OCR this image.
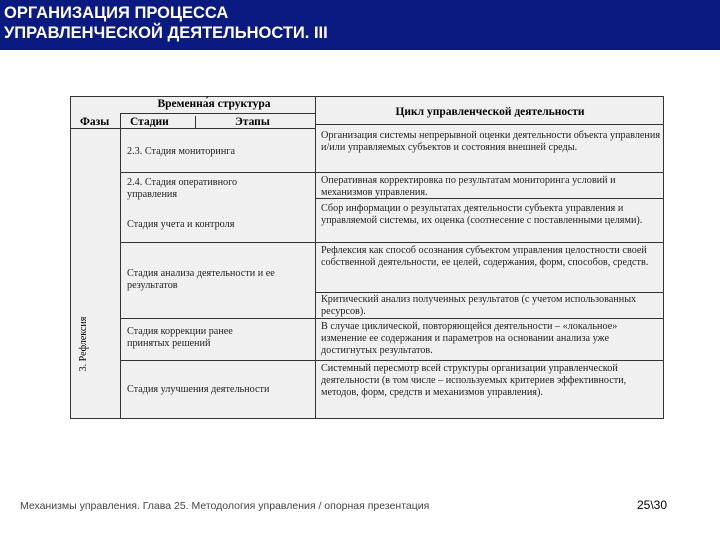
ОРГАНИЗАЦИЯ ПРОЦЕССА
УПРАВЛЕНЧЕСКОЙ ДЕЯТЕЛЬНОСТИ. III
Временна́я структура
Фазы Стадии	Этапы
Цикл управленческой деятельности
3. Рефлексия

2.3. Стадия мониторинга

2.4. Стадия оперативного управления

Стадия учета и контроля

Стадия анализа деятельности и ее результатов

Стадия коррекции ранее принятых решений

Стадия улучшения деятельности

Организация системы непрерывной оценки деятельности объекта управления и/или управляемых субъектов и состояния внешней среды.

Оперативная корректировка по результатам мониторинга условий и механизмов управления.

Сбор информации о результатах деятельности субъекта управления и управляемой системы, их оценка (соотнесение с поставленными целями).

Рефлексия как способ осознания субъектом управления целостности своей собственной деятельности, ее целей, содержания, форм, способов, средств.

Критический анализ полученных результатов (с учетом использованных ресурсов).

В случае циклической, повторяющейся деятельности – «локальное» изменение ее содержания и параметров на основании анализа уже достигнутых результатов.

Системный пересмотр всей структуры организации управленческой деятельности (в том числе – используемых критериев эффективности, методов, форм, средств и механизмов управления).

Механизмы управления. Глава 25. Методология управления / опорная презентация	25\30
